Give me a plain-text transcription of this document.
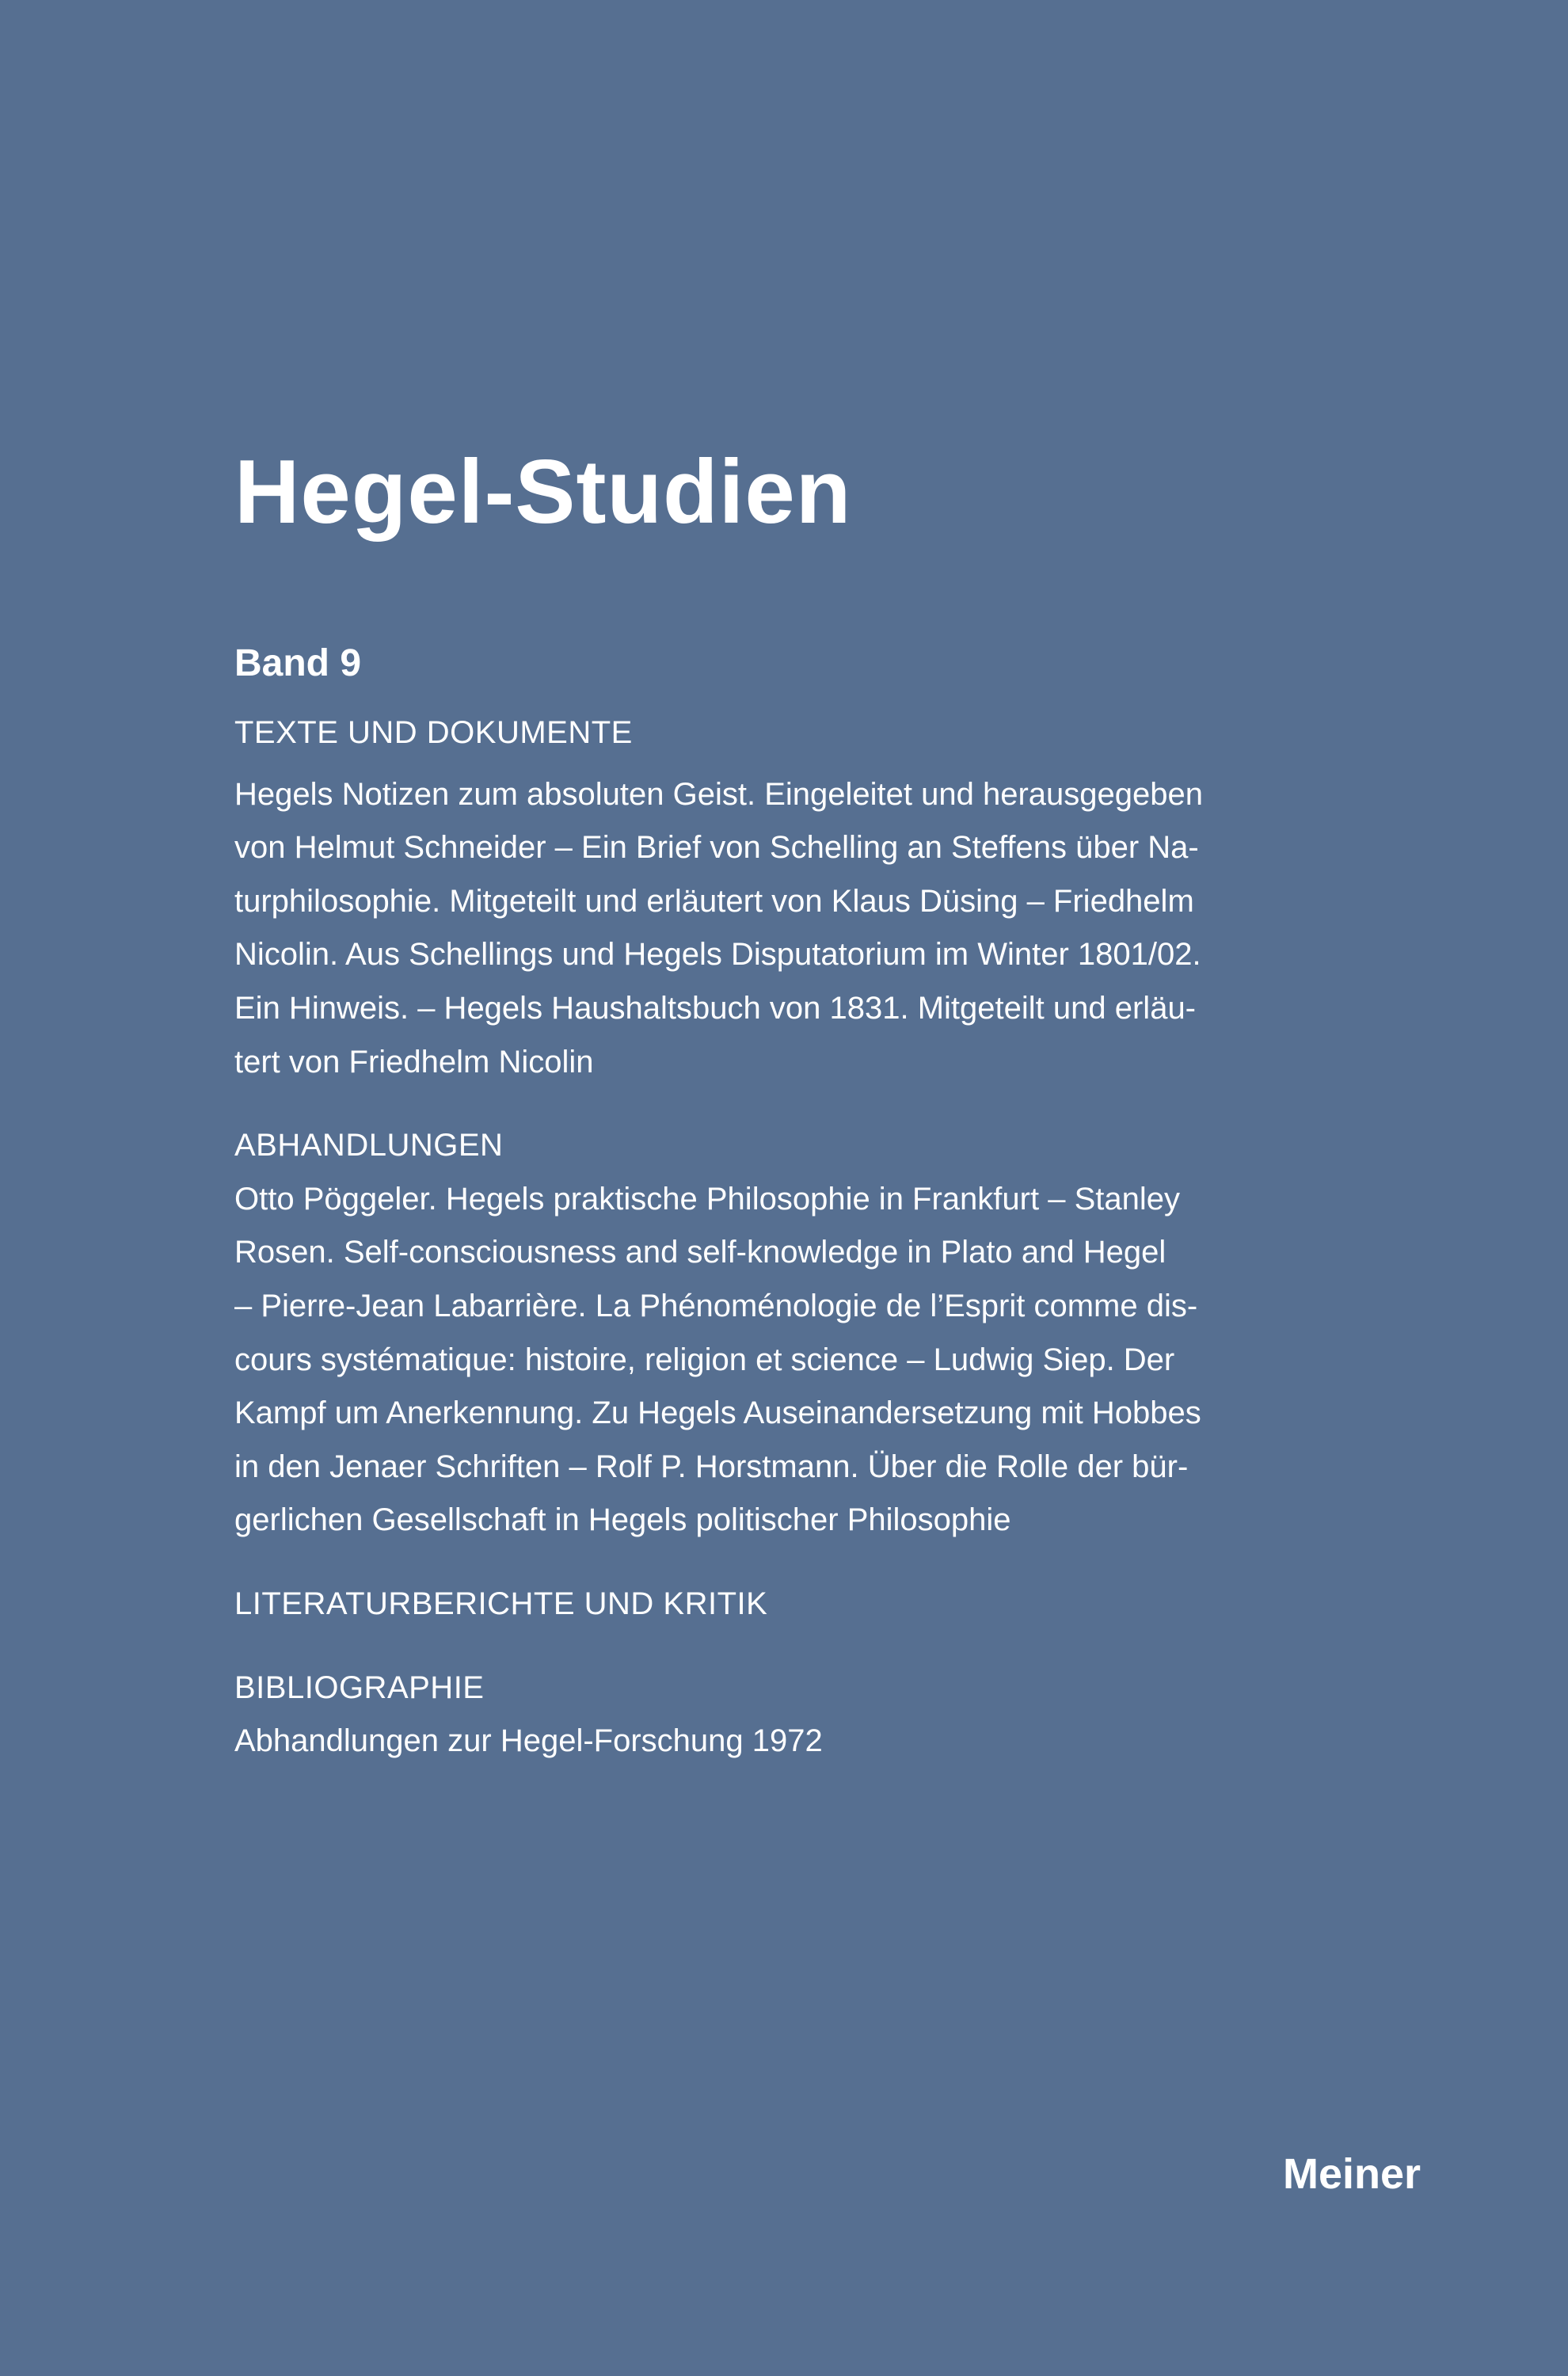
Hegel-Studien
Band 9
TEXTE UND DOKUMENTE
Hegels Notizen zum absoluten Geist. Eingeleitet und herausgegeben
von Helmut Schneider – Ein Brief von Schelling an Steffens über Na-
turphilosophie. Mitgeteilt und erläutert von Klaus Düsing – Friedhelm
Nicolin. Aus Schellings und Hegels Disputatorium im Winter 1801/02.
Ein Hinweis. – Hegels Haushaltsbuch von 1831. Mitgeteilt und erläu-
tert von Friedhelm Nicolin
ABHANDLUNGEN
Otto Pöggeler. Hegels praktische Philosophie in Frankfurt – Stanley
Rosen. Self-consciousness and self-knowledge in Plato and Hegel
– Pierre-Jean Labarrière. La Phénoménologie de l’Esprit comme dis-
cours systématique: histoire, religion et science – Ludwig Siep. Der
Kampf um Anerkennung. Zu Hegels Auseinandersetzung mit Hobbes
in den Jenaer Schriften – Rolf P. Horstmann. Über die Rolle der bür-
gerlichen Gesellschaft in Hegels politischer Philosophie
LITERATURBERICHTE UND KRITIK
BIBLIOGRAPHIE
Abhandlungen zur Hegel-Forschung 1972
Meiner
